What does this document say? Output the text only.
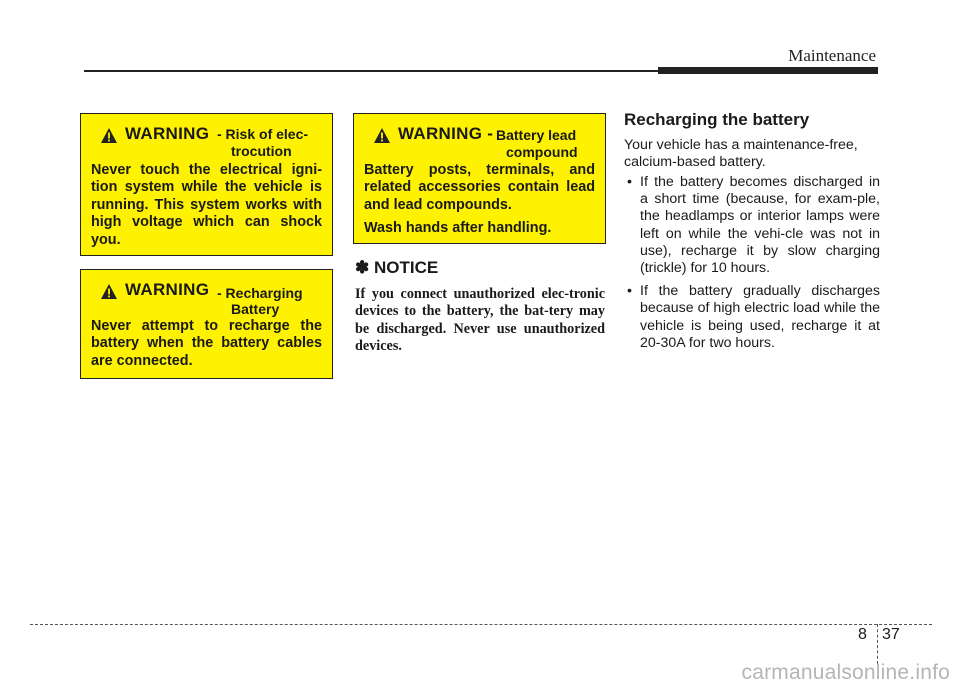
Maintenance
WARNING - Risk of elec-
trocution

Never touch the electrical igni-tion system while the vehicle is running. This system works with high voltage which can shock you.

WARNING - Recharging
Battery

Never attempt to recharge the battery when the battery cables are connected.

WARNING - Battery lead
compound

Battery posts, terminals, and related accessories contain lead and lead compounds.

Wash hands after handling.

✽ NOTICE
If you connect unauthorized elec-tronic devices to the battery, the bat-tery may be discharged. Never use unauthorized devices.
Recharging the battery
Your vehicle has a maintenance-free, calcium-based battery.
• If the battery becomes discharged in a short time (because, for exam-ple, the headlamps or interior lamps were left on while the vehi-cle was not in use), recharge it by slow charging (trickle) for 10 hours.
• If the battery gradually discharges because of high electric load while the vehicle is being used, recharge it at 20-30A for two hours.
8 37
carmanualsonline.info
